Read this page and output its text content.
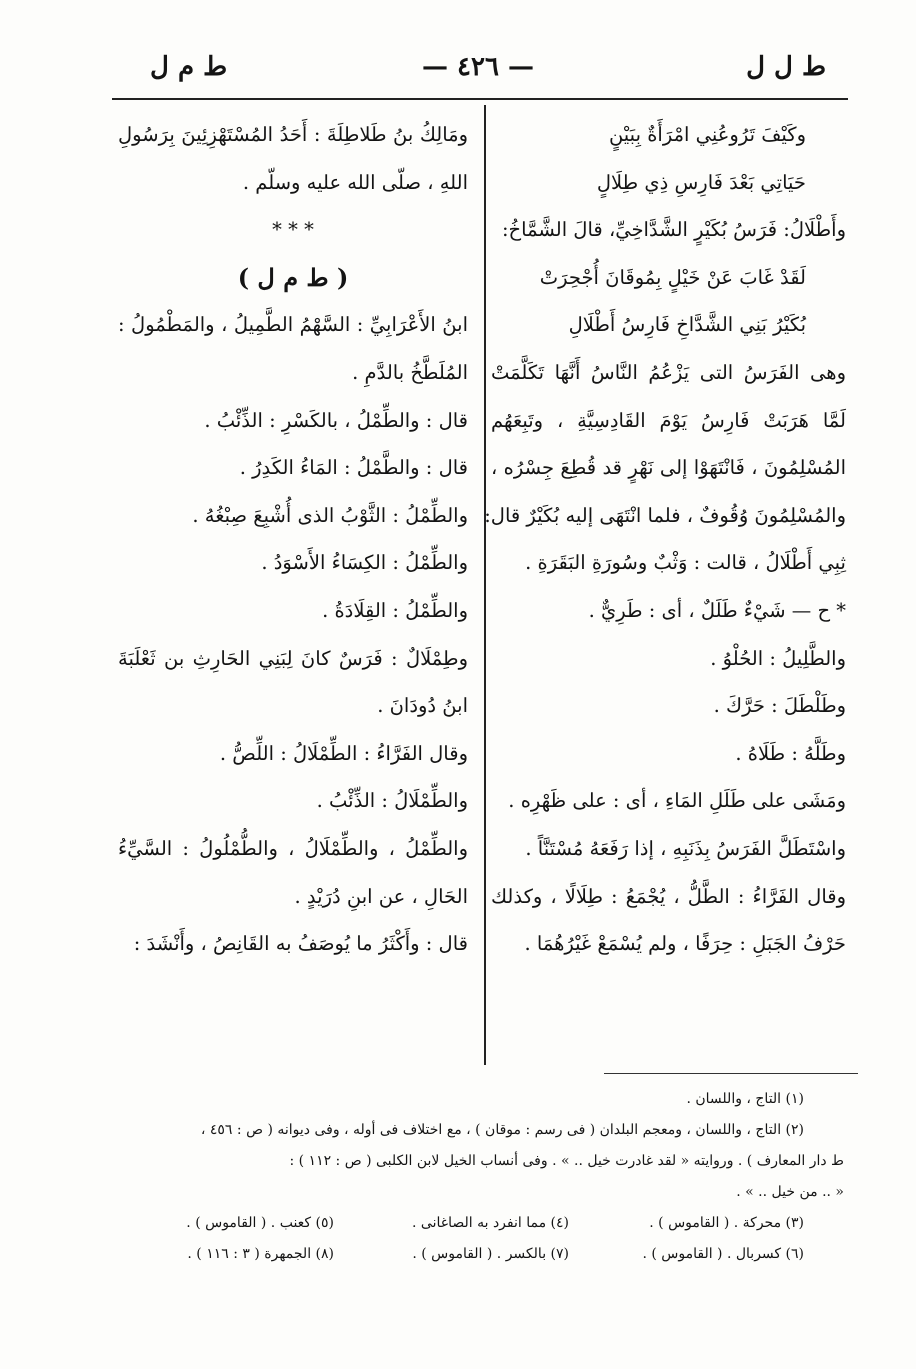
ط ل ل
— ٤٢٦ —
ط م ل
وكَيْفَ تَرُوعُنِي امْرَأَةٌ بِبَيْنٍ
حَيَاتِي بَعْدَ فَارِسِ ذِي طِلَالٍ
وأَطْلَالُ: فَرَسُ بُكَيْرٍ الشَّدَّاخِيِّ، قالَ الشَّمَّاخُ:
لَقَدْ غَابَ عَنْ خَيْلٍ بِمُوقَانَ أُجْحِرَتْ
بُكَيْرُ بَنِي الشَّدَّاخِ فَارِسُ أَطْلَالِ
وهى الفَرَسُ التى يَزْعُمُ النَّاسُ أَنَّهَا تَكَلَّمَتْ
لَمَّا هَرَبَتْ فَارِسُ يَوْمَ القَادِسِيَّةِ ، وتَبِعَهُم
المُسْلِمُونَ ، فَانْتَهَوْا إلى نَهْرٍ قد قُطِعَ جِسْرُه ،
والمُسْلِمُونَ وُقُوفٌ ، فلما انْتَهَى إليه بُكَيْرٌ قال:
ثِبِي أَطْلَالُ ، قالت : وَثْبٌ وسُورَةِ البَقَرَةِ .
* ح — شَيْءٌ طَلَلٌ ، أى : طَرِيٌّ .
والطَّلِيلُ : الحُلْوُ .
وطَلْطَلَ : حَرَّكَ .
وطَلَّهُ : طَلَاهُ .
ومَشَى على طَلَلِ المَاءِ ، أى : على ظَهْرِه .
واسْتَطَلَّ الفَرَسُ بِذَنَبِهِ ، إذا رَفَعَهُ مُسْتَنَّاً .
وقال الفَرَّاءُ : الطَّلُّ ، يُجْمَعُ : طِلَالًا ، وكذلك
حَرْفُ الجَبَلِ : حِرَفًا ، ولم يُسْمَعْ غَيْرُهُمَا .
ومَالِكُ بنُ طَلاطِلَةَ : أَحَدُ المُسْتَهْزِئِينَ بِرَسُولِ
اللهِ ، صلّى الله عليه وسلّم .
* * *
( ط م ل )
ابنُ الأَعْرَابِيِّ : السَّهْمُ الطَّمِيلُ ، والمَطْمُولُ :
المُلَطَّخُ بالدَّمِ .
قال : والطِّمْلُ ، بالكَسْرِ : الذِّئْبُ .
قال : والطَّمْلُ : المَاءُ الكَدِرُ .
والطِّمْلُ : الثَّوْبُ الذى أُشْبِعَ صِبْغُهُ .
والطِّمْلُ : الكِسَاءُ الأَسْوَدُ .
والطِّمْلُ : القِلَادَةُ .
وطِمْلَالٌ : فَرَسٌ كانَ لِبَنِي الحَارِثِ بن ثَعْلَبَةَ
ابنُ دُودَانَ .
وقال الفَرَّاءُ : الطِّمْلَالُ : اللِّصُّ .
والطِّمْلَالُ : الذِّئْبُ .
والطِّمْلُ ، والطِّمْلَالُ ، والطُّمْلُولُ : السَّيِّءُ
الحَالِ ، عن ابنِ دُرَيْدٍ .
قال : وأَكْثَرُ ما يُوصَفُ به القَانِصُ ، وأَنْشَدَ :
(١) التاج ، واللسان .
(٢) التاج ، واللسان ، ومعجم البلدان ( فى رسم : موقان ) ، مع اختلاف فى أوله ، وفى ديوانه ( ص : ٤٥٦ ،
ط دار المعارف ) . وروايته « لقد غادرت خيل .. » . وفى أنساب الخيل لابن الكلبى ( ص : ١١٢ ) :
« .. من خيل .. » .
(٣) محركة . ( القاموس ) .
(٤) مما انفرد به الصاغانى .
(٥) كعنب . ( القاموس ) .
(٦) كسربال . ( القاموس ) .
(٧) بالكسر . ( القاموس ) .
(٨) الجمهرة ( ٣ : ١١٦ ) .
